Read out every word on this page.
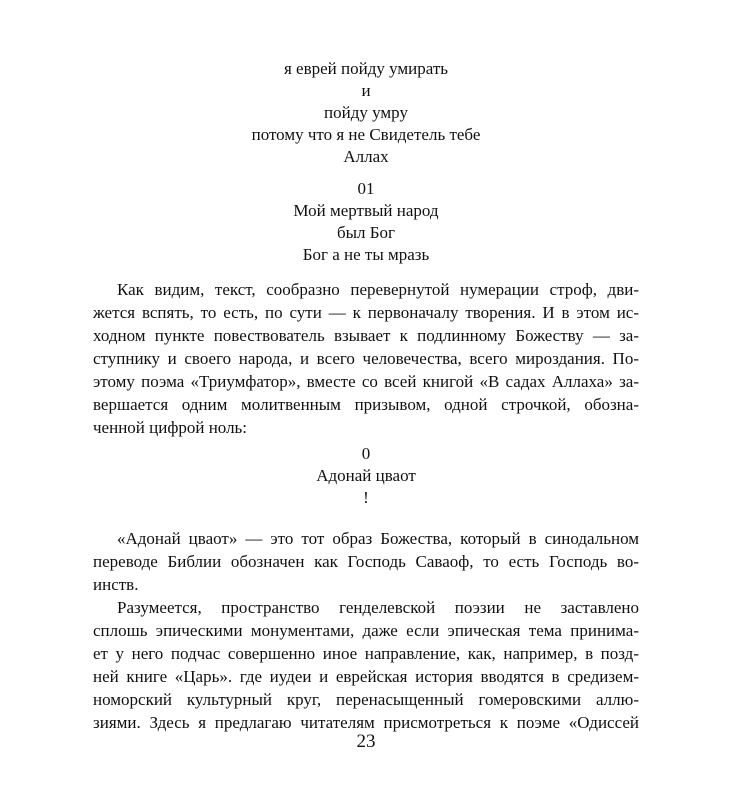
я еврей пойду умирать
и
пойду умру
потому что я не Свидетель тебе
Аллах
01
Мой мертвый народ
был Бог
Бог а не ты мразь
Как видим, текст, сообразно перевернутой нумерации строф, дви-
жется вспять, то есть, по сути — к первоначалу творения. И в этом ис-
ходном пункте повествователь взывает к подлинному Божеству — за-
ступнику и своего народа, и всего человечества, всего мироздания. По-
этому поэма «Триумфатор», вместе со всей книгой «В садах Аллаха» за-
вершается одним молитвенным призывом, одной строчкой, обозна-
ченной цифрой ноль:
0
Адонай цваот
!
«Адонай цваот» — это тот образ Божества, который в синодальном
переводе Библии обозначен как Господь Саваоф, то есть Господь во-
инств.
Разумеется, пространство генделевской поэзии не заставлено
сплошь эпическими монументами, даже если эпическая тема принима-
ет у него подчас совершенно иное направление, как, например, в позд-
ней книге «Царь». где иудеи и еврейская история вводятся в средизем-
номорский культурный круг, перенасыщенный гомеровскими аллю-
зиями. Здесь я предлагаю читателям присмотреться к поэме «Одиссей
23
